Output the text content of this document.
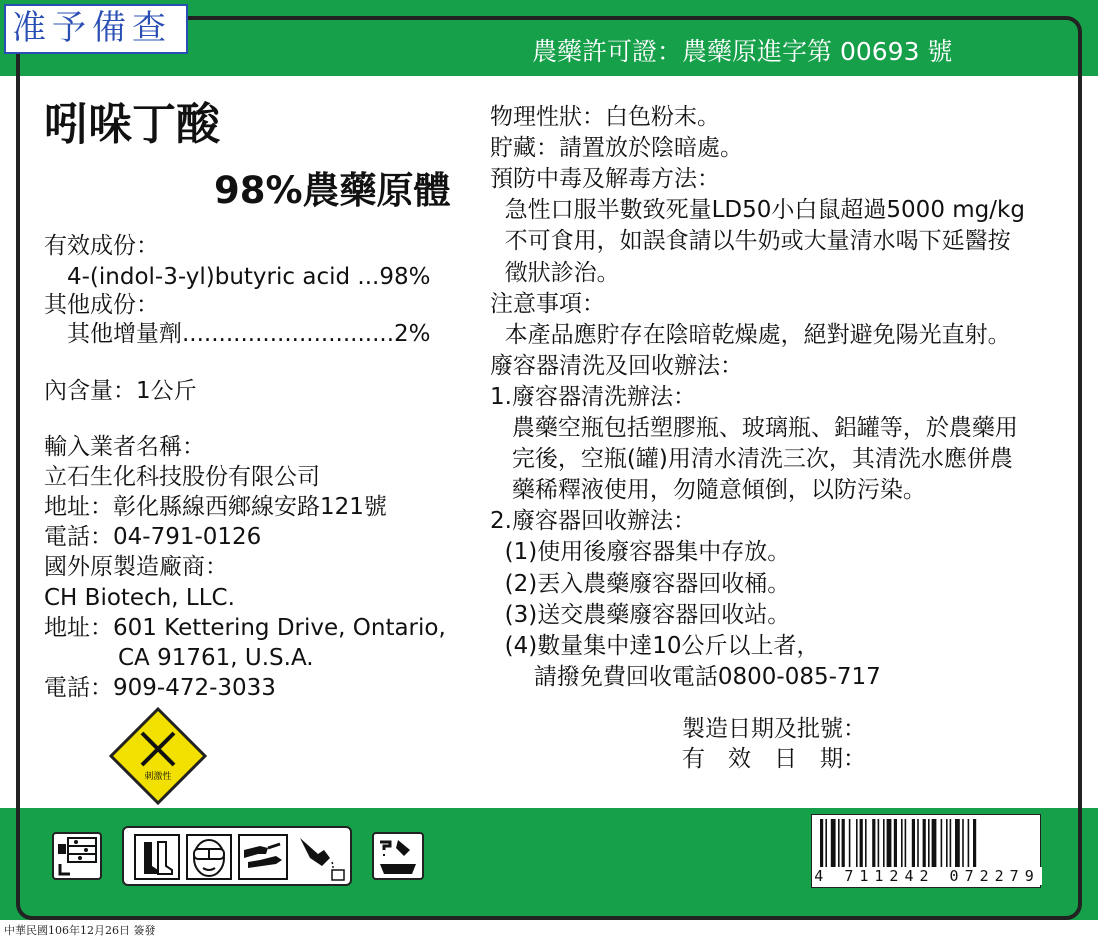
准予備查
農藥許可證：農藥原進字第 00693 號
吲哚丁酸
98%農藥原體
有效成份：
4-(indol-3-yl)butyric acid ...98%
其他成份：
其他增量劑.............................2%
內含量：1公斤
輸入業者名稱：
立石生化科技股份有限公司
地址：彰化縣線西鄉線安路121號
電話：04-791-0126
國外原製造廠商：
CH Biotech, LLC.
地址：601 Kettering Drive, Ontario,
CA 91761, U.S.A.
電話：909-472-3033
刺激性
物理性狀：白色粉末。
貯藏：請置放於陰暗處。
預防中毒及解毒方法：
急性口服半數致死量LD50小白鼠超過5000 mg/kg
不可食用，如誤食請以牛奶或大量清水喝下延醫按
徵狀診治。
注意事項：
本產品應貯存在陰暗乾燥處，絕對避免陽光直射。
廢容器清洗及回收辦法：
1.廢容器清洗辦法：
農藥空瓶包括塑膠瓶、玻璃瓶、鋁罐等，於農藥用
完後，空瓶(罐)用清水清洗三次，其清洗水應併農
藥稀釋液使用，勿隨意傾倒，以防污染。
2.廢容器回收辦法：
(1)使用後廢容器集中存放。
(2)丟入農藥廢容器回收桶。
(3)送交農藥廢容器回收站。
(4)數量集中達10公斤以上者，
請撥免費回收電話0800-085-717
製造日期及批號：
有　效　日　期：
4 711242 072279
中華民國106年12月26日 簽發
